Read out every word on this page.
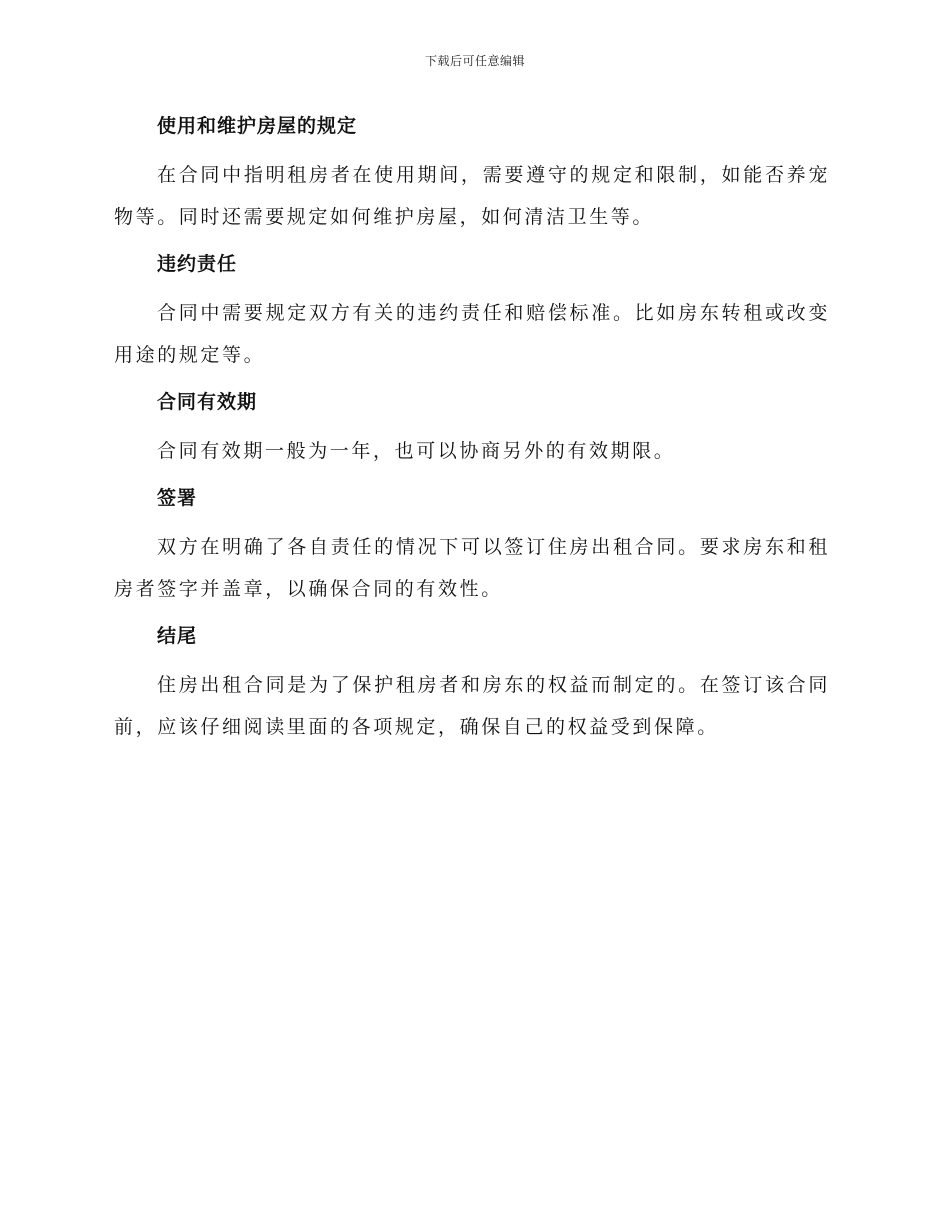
下载后可任意编辑
使用和维护房屋的规定

在合同中指明租房者在使用期间，需要遵守的规定和限制，如能否养宠物等。同时还需要规定如何维护房屋，如何清洁卫生等。

违约责任

合同中需要规定双方有关的违约责任和赔偿标准。比如房东转租或改变用途的规定等。

合同有效期

合同有效期一般为一年，也可以协商另外的有效期限。

签署

双方在明确了各自责任的情况下可以签订住房出租合同。要求房东和租房者签字并盖章，以确保合同的有效性。

结尾

住房出租合同是为了保护租房者和房东的权益而制定的。在签订该合同前，应该仔细阅读里面的各项规定，确保自己的权益受到保障。
